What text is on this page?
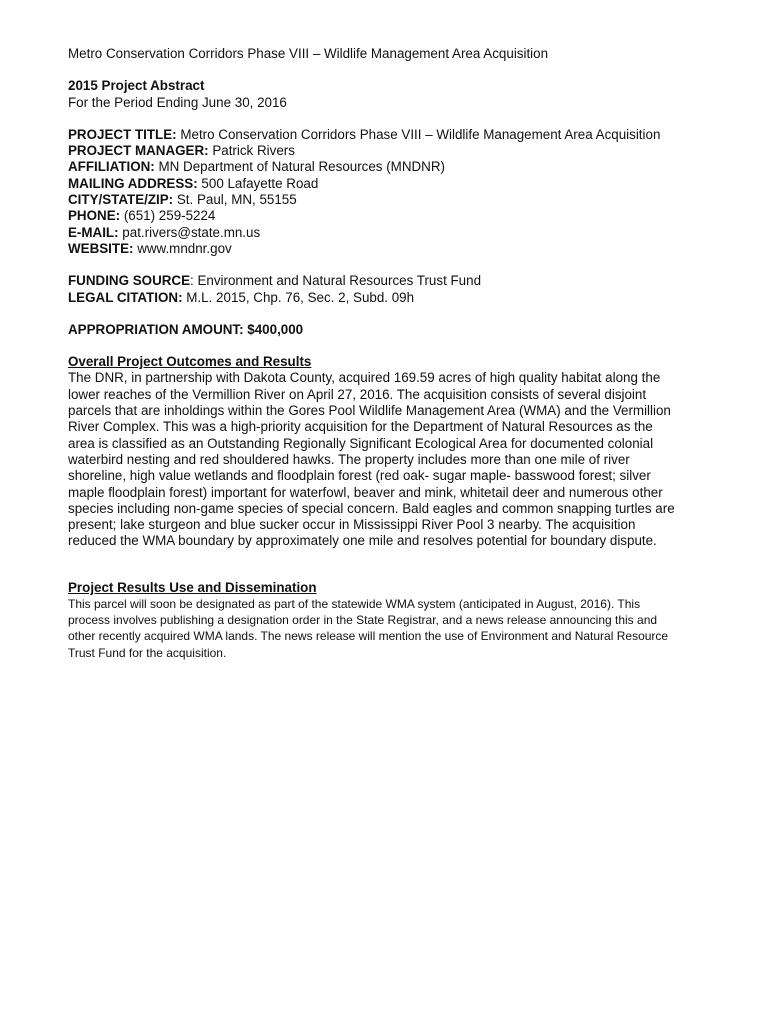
Metro Conservation Corridors Phase VIII – Wildlife Management Area Acquisition
2015 Project Abstract
For the Period Ending June 30, 2016
PROJECT TITLE: Metro Conservation Corridors Phase VIII – Wildlife Management Area Acquisition
PROJECT MANAGER: Patrick Rivers
AFFILIATION: MN Department of Natural Resources (MNDNR)
MAILING ADDRESS: 500 Lafayette Road
CITY/STATE/ZIP: St. Paul, MN, 55155
PHONE: (651) 259-5224
E-MAIL: pat.rivers@state.mn.us
WEBSITE: www.mndnr.gov
FUNDING SOURCE: Environment and Natural Resources Trust Fund
LEGAL CITATION: M.L. 2015, Chp. 76, Sec. 2, Subd. 09h
APPROPRIATION AMOUNT: $400,000
Overall Project Outcomes and Results
The DNR, in partnership with Dakota County, acquired 169.59 acres of high quality habitat along the
lower reaches of the Vermillion River on April 27, 2016. The acquisition consists of several disjoint
parcels that are inholdings within the Gores Pool Wildlife Management Area (WMA) and the Vermillion
River Complex. This was a high-priority acquisition for the Department of Natural Resources as the
area is classified as an Outstanding Regionally Significant Ecological Area for documented colonial
waterbird nesting and red shouldered hawks. The property includes more than one mile of river
shoreline, high value wetlands and floodplain forest (red oak- sugar maple- basswood forest; silver
maple floodplain forest) important for waterfowl, beaver and mink, whitetail deer and numerous other
species including non-game species of special concern. Bald eagles and common snapping turtles are
present; lake sturgeon and blue sucker occur in Mississippi River Pool 3 nearby. The acquisition
reduced the WMA boundary by approximately one mile and resolves potential for boundary dispute.
Project Results Use and Dissemination
This parcel will soon be designated as part of the statewide WMA system (anticipated in August, 2016). This
process involves publishing a designation order in the State Registrar, and a news release announcing this and
other recently acquired WMA lands. The news release will mention the use of Environment and Natural Resource
Trust Fund for the acquisition.
